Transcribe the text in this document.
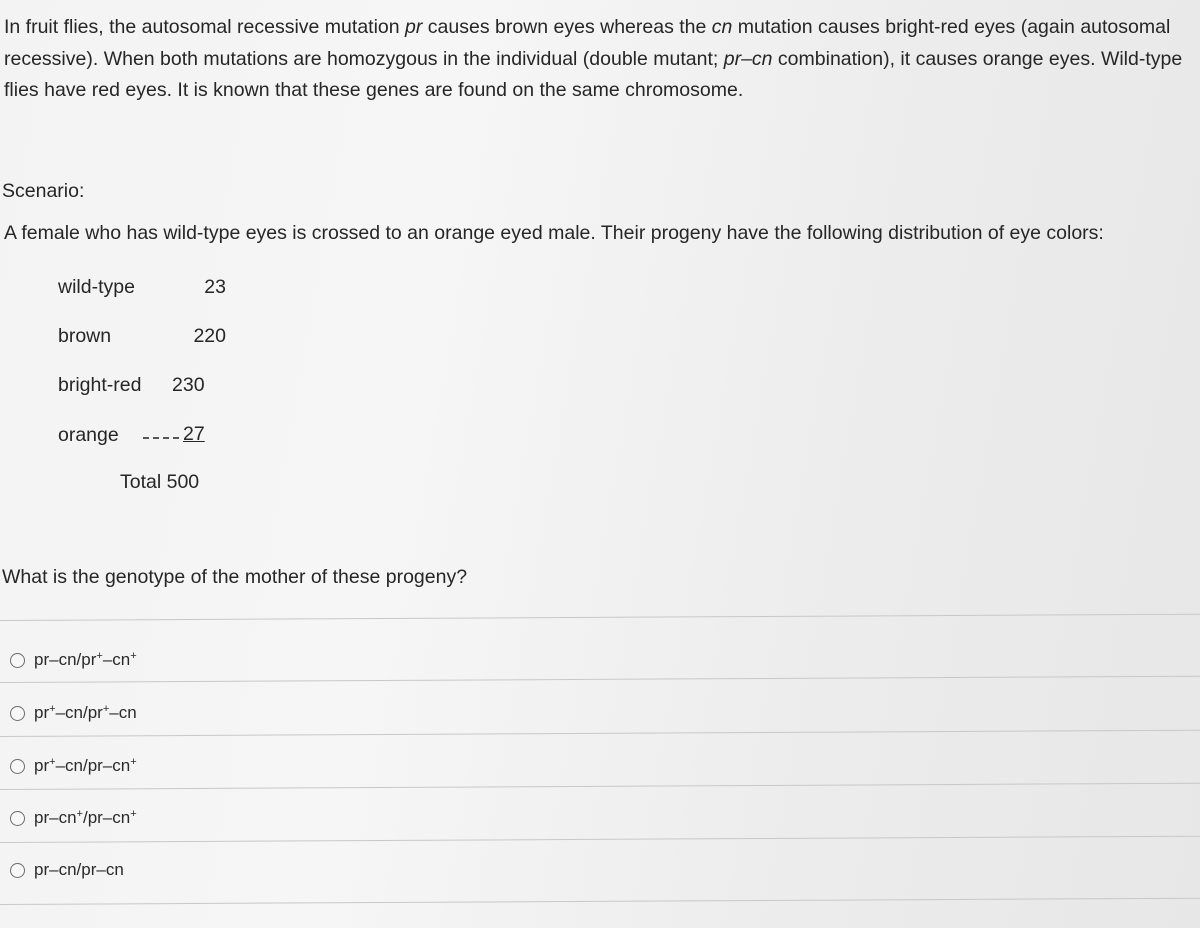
In fruit flies, the autosomal recessive mutation pr causes brown eyes whereas the cn mutation causes bright-red eyes (again autosomal recessive). When both mutations are homozygous in the individual (double mutant; pr–cn combination), it causes orange eyes. Wild-type flies have red eyes. It is known that these genes are found on the same chromosome.

Scenario:
A female who has wild-type eyes is crossed to an orange eyed male. Their progeny have the following distribution of eye colors:
wild-type	23
brown	220
bright-red 230
orange	27
Total 500
What is the genotype of the mother of these progeny?
pr–cn/pr+–cn+
pr+–cn/pr+–cn
pr+–cn/pr–cn+
pr–cn+/pr–cn+
pr–cn/pr–cn
